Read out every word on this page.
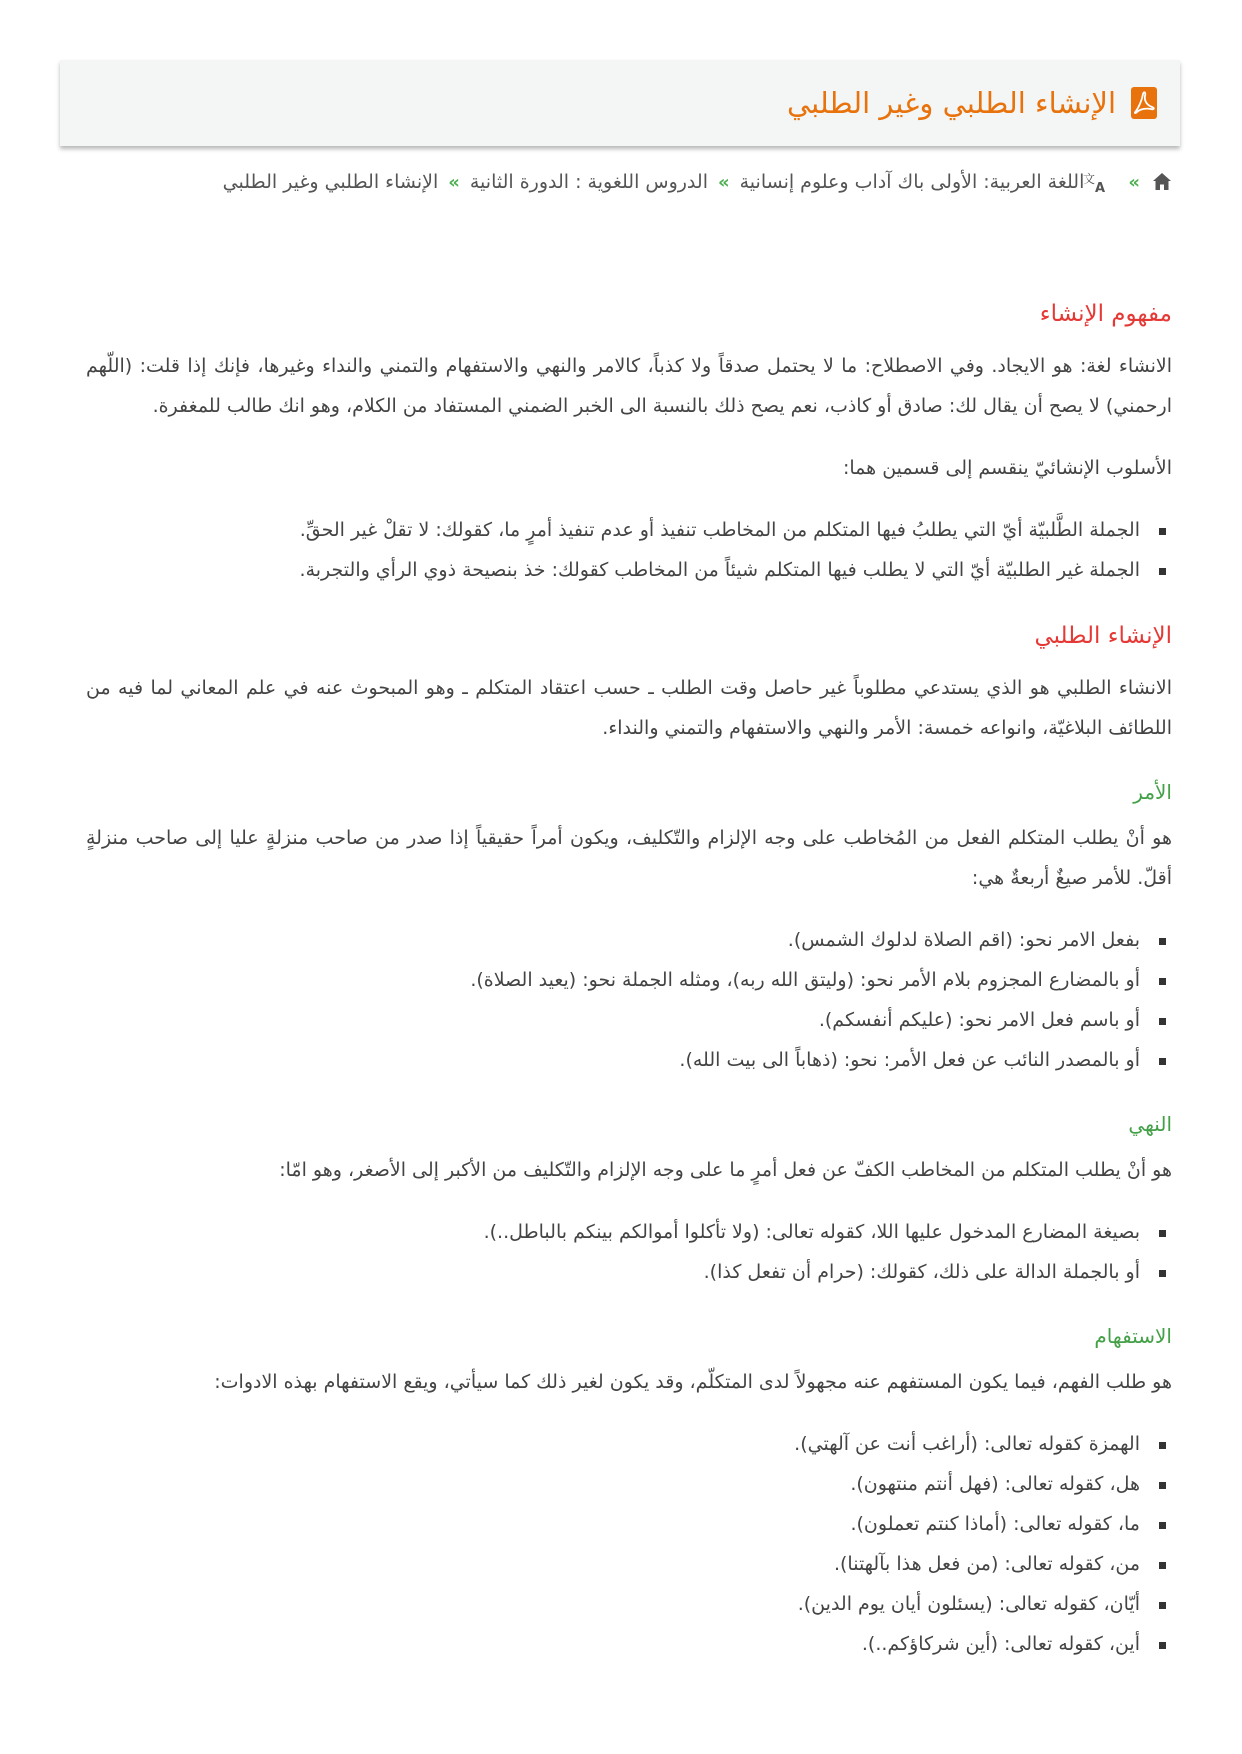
الإنشاء الطلبي وغير الطلبي
»
文
A
اللغة العربية: الأولى باك آداب وعلوم إنسانية
»
الدروس اللغوية : الدورة الثانية
»
الإنشاء الطلبي وغير الطلبي
مفهوم الإنشاء

الانشاء لغة: هو الايجاد. وفي الاصطلاح: ما لا يحتمل صدقاً ولا كذباً، كالامر والنهي والاستفهام والتمني والنداء وغيرها، فإنك إذا قلت: (اللّهم ارحمني) لا يصح أن يقال لك: صادق أو كاذب، نعم يصح ذلك بالنسبة الى الخبر الضمني المستفاد من الكلام، وهو انك طالب للمغفرة.

الأسلوب الإنشائيّ ينقسم إلى قسمين هما:

الجملة الطَّلبيّة أيّ التي يطلبُ فيها المتكلم من المخاطب تنفيذ أو عدم تنفيذ أمرٍ ما، كقولك: لا تقلْ غير الحقِّ.
الجملة غير الطلبيّة أيّ التي لا يطلب فيها المتكلم شيئاً من المخاطب كقولك: خذ بنصيحة ذوي الرأي والتجربة.
الإنشاء الطلبي

الانشاء الطلبي هو الذي يستدعي مطلوباً غير حاصل وقت الطلب ـ حسب اعتقاد المتكلم ـ وهو المبحوث عنه في علم المعاني لما فيه من اللطائف البلاغيّة، وانواعه خمسة: الأمر والنهي والاستفهام والتمني والنداء.

الأمر

هو أنْ يطلب المتكلم الفعل من المُخاطب على وجه الإلزام والتّكليف، ويكون أمراً حقيقياً إذا صدر من صاحب منزلةٍ عليا إلى صاحب منزلةٍ أقلّ. للأمر صيغٌ أربعةٌ هي:

بفعل الامر نحو: (اقم الصلاة لدلوك الشمس).
أو بالمضارع المجزوم بلام الأمر نحو: (وليتق الله ربه)، ومثله الجملة نحو: (يعيد الصلاة).
أو باسم فعل الامر نحو: (عليكم أنفسكم).
أو بالمصدر النائب عن فعل الأمر: نحو: (ذهاباً الى بيت الله).
النهي

هو أنْ يطلب المتكلم من المخاطب الكفّ عن فعل أمرٍ ما على وجه الإلزام والتّكليف من الأكبر إلى الأصغر، وهو امّا:

بصيغة المضارع المدخول عليها اللا، كقوله تعالى: (ولا تأكلوا أموالكم بينكم بالباطل..).
أو بالجملة الدالة على ذلك، كقولك: (حرام أن تفعل كذا).
الاستفهام

هو طلب الفهم، فيما يكون المستفهم عنه مجهولاً لدى المتكلّم، وقد يكون لغير ذلك كما سيأتي، ويقع الاستفهام بهذه الادوات:

الهمزة كقوله تعالى: (أراغب أنت عن آلهتي).
هل، كقوله تعالى: (فهل أنتم منتهون).
ما، كقوله تعالى: (أماذا كنتم تعملون).
من، كقوله تعالى: (من فعل هذا بآلهتنا).
أيّان، كقوله تعالى: (يسئلون أيان يوم الدين).
أين، كقوله تعالى: (أين شركاؤكم..).
